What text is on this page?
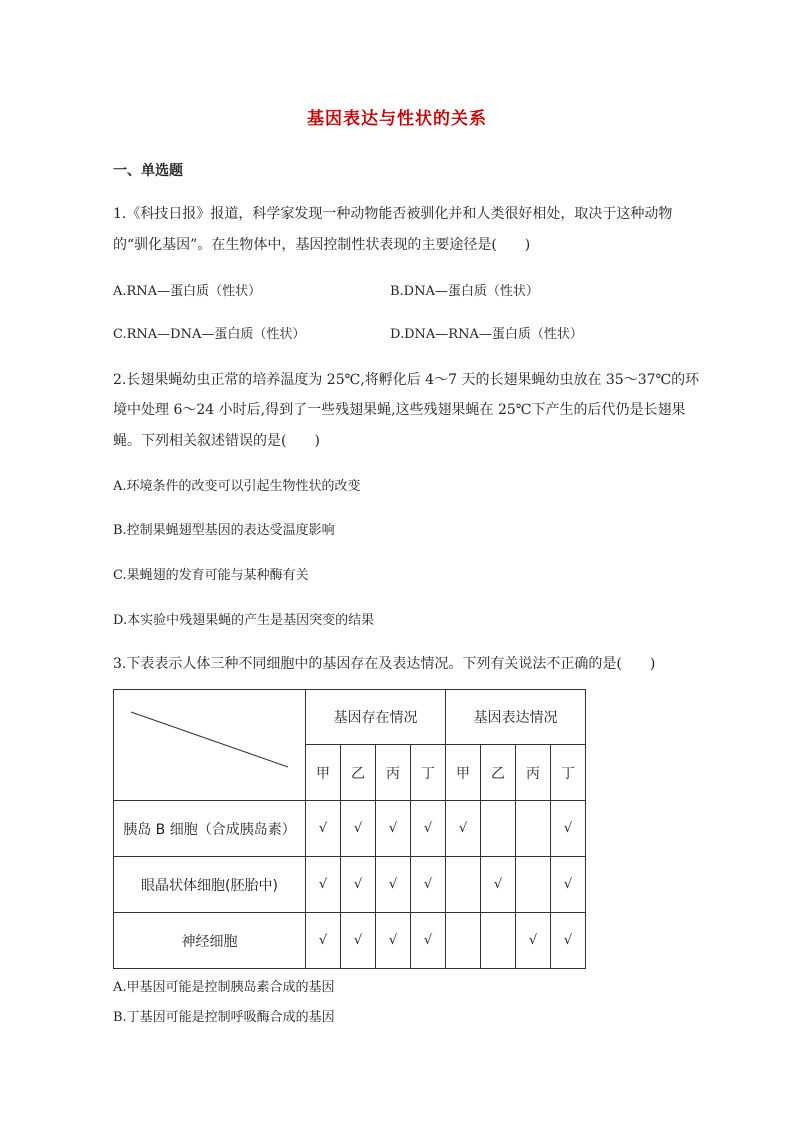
基因表达与性状的关系
一、单选题
1.《科技日报》报道，科学家发现一种动物能否被驯化并和人类很好相处，取决于这种动物
的“驯化基因”。在生物体中，基因控制性状表现的主要途径是(　　)
A.RNA—蛋白质（性状）	B.DNA—蛋白质（性状）
C.RNA—DNA—蛋白质（性状）	D.DNA—RNA—蛋白质（性状）
2.长翅果蝇幼虫正常的培养温度为 25℃,将孵化后 4～7 天的长翅果蝇幼虫放在 35～37℃的环
境中处理 6～24 小时后,得到了一些残翅果蝇,这些残翅果蝇在 25℃下产生的后代仍是长翅果
蝇。下列相关叙述错误的是(　　)
A.环境条件的改变可以引起生物性状的改变
B.控制果蝇翅型基因的表达受温度影响
C.果蝇翅的发育可能与某种酶有关
D.本实验中残翅果蝇的产生是基因突变的结果
3.下表表示人体三种不同细胞中的基因存在及表达情况。下列有关说法不正确的是(　　)
	基因存在情况				基因表达情况			
	甲	乙	丙	丁	甲	乙	丙	丁
胰岛 B 细胞（合成胰岛素）	√	√	√	√	√			√
眼晶状体细胞(胚胎中)	√	√	√	√		√		√
神经细胞	√	√	√	√			√	√
A.甲基因可能是控制胰岛素合成的基因
B.丁基因可能是控制呼吸酶合成的基因
